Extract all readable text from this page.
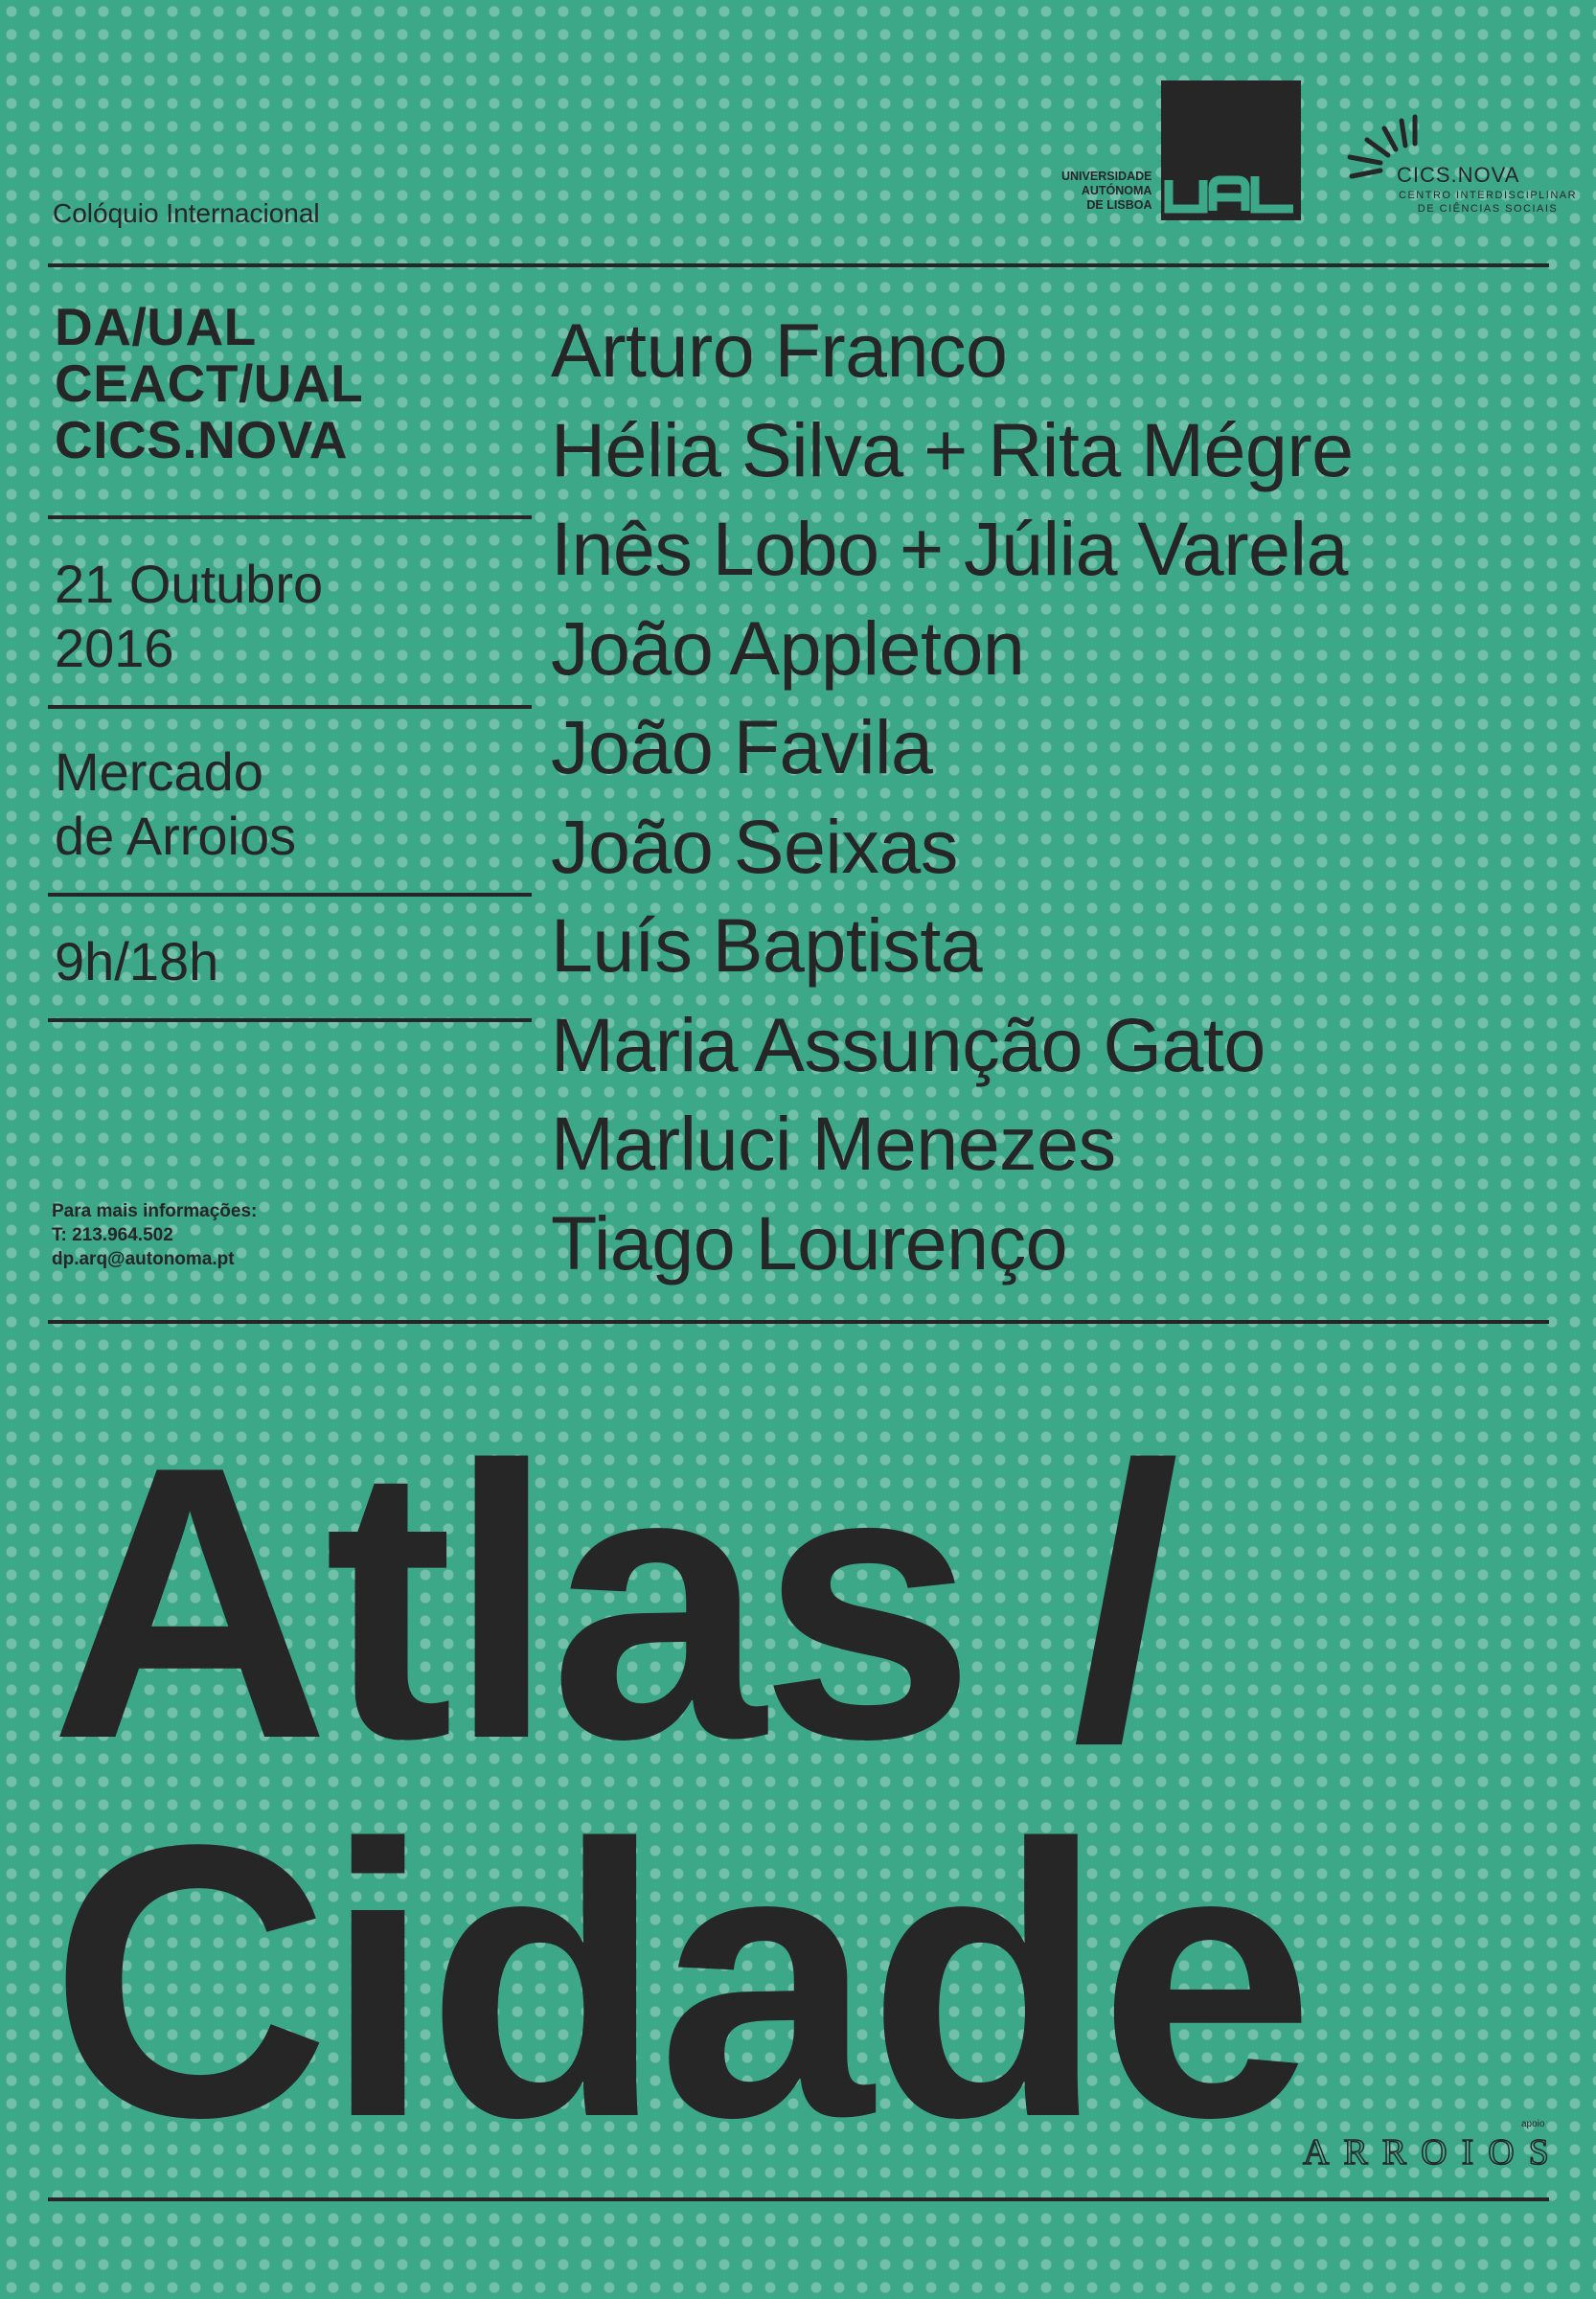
Colóquio Internacional
UNIVERSIDADE
AUTÓNOMA
DE LISBOA
CICS.NOVA
CENTRO INTERDISCIPLINAR
DE CIÊNCIAS SOCIAIS
DA/UAL
CEACT/UAL
CICS.NOVA
21 Outubro
2016
Mercado
de Arroios
9h/18h
Para mais informações:
T: 213.964.502
dp.arq@autonoma.pt
Arturo Franco
Hélia Silva + Rita Mégre
Inês Lobo + Júlia Varela
João Appleton
João Favila
João Seixas
Luís Baptista
Maria Assunção Gato
Marluci Menezes
Tiago Lourenço
Atlas /
Cidade	apoio
ARROIOS
